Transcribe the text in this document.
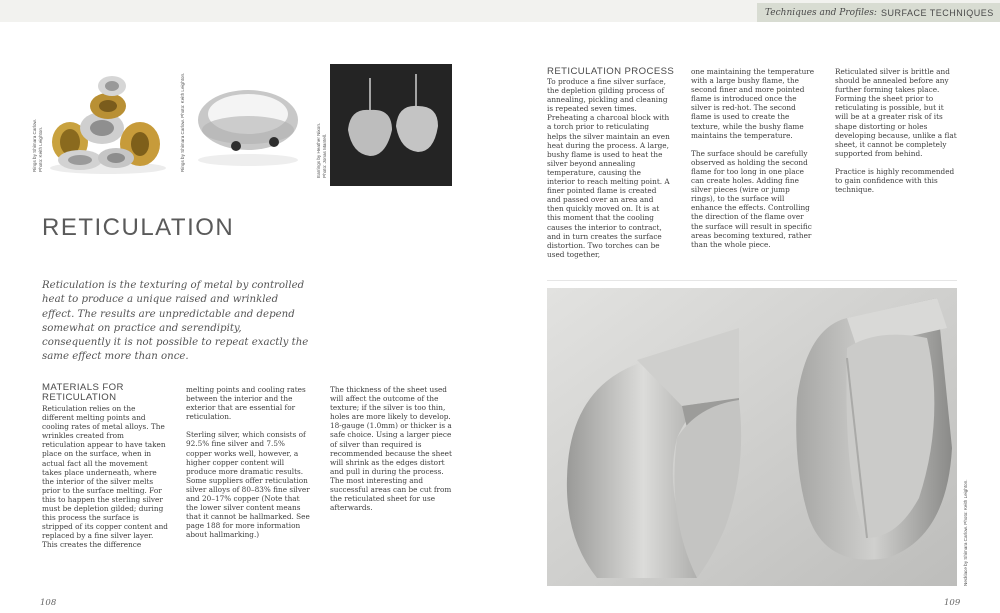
Techniques and Profiles: SURFACE TECHNIQUES
Rings by Shimara Carlow.
Photo: Keith Leighton.	Rings by Shimara Carlow. Photo: Keith Leighton.	Earrings by Heather Nixon.
Photo: Jonas Mantell.
RETICULATION
Reticulation is the texturing of metal by controlled heat to produce a unique raised and wrinkled effect. The results are unpredictable and depend somewhat on practice and serendipity, consequently it is not possible to repeat exactly the same effect more than once.
MATERIALS FOR RETICULATION

Reticulation relies on the different melting points and cooling rates of metal alloys. The wrinkles created from reticulation appear to have taken place on the surface, when in actual fact all the movement takes place underneath, where the interior of the silver melts prior to the surface melting. For this to happen the sterling silver must be depletion gilded; during this process the surface is stripped of its copper content and replaced by a fine silver layer. This creates the difference

melting points and cooling rates between the interior and the exterior that are essential for reticulation.

Sterling silver, which consists of 92.5% fine silver and 7.5% copper works well, however, a higher copper content will produce more dramatic results. Some suppliers offer reticulation silver alloys of 80–83% fine silver and 20–17% copper (Note that the lower silver content means that it cannot be hallmarked. See page 188 for more information about hallmarking.)

The thickness of the sheet used will affect the outcome of the texture; if the silver is too thin, holes are more likely to develop. 18-gauge (1.0mm) or thicker is a safe choice. Using a larger piece of silver than required is recommended because the sheet will shrink as the edges distort and pull in during the process. The most interesting and successful areas can be cut from the reticulated sheet for use afterwards.

RETICULATION PROCESS

To produce a fine silver surface, the depletion gilding process of annealing, pickling and cleaning is repeated seven times. Preheating a charcoal block with a torch prior to reticulating helps the silver maintain an even heat during the process. A large, bushy flame is used to heat the silver beyond annealing temperature, causing the interior to reach melting point. A finer pointed flame is created and passed over an area and then quickly moved on. It is at this moment that the cooling causes the interior to contract, and in turn creates the surface distortion. Two torches can be used together,

one maintaining the temperature with a large bushy flame, the second finer and more pointed flame is introduced once the silver is red-hot. The second flame is used to create the texture, while the bushy flame maintains the temperature.

The surface should be carefully observed as holding the second flame for too long in one place can create holes. Adding fine silver pieces (wire or jump rings), to the surface will enhance the effects. Controlling the direction of the flame over the surface will result in specific areas becoming textured, rather than the whole piece.

Reticulated silver is brittle and should be annealed before any further forming takes place. Forming the sheet prior to reticulating is possible, but it will be at a greater risk of its shape distorting or holes developing because, unlike a flat sheet, it cannot be completely supported from behind.

Practice is highly recommended to gain confidence with this technique.

Necklace by Shimara Carlow. Photo: Keith Leighton.
108	109
